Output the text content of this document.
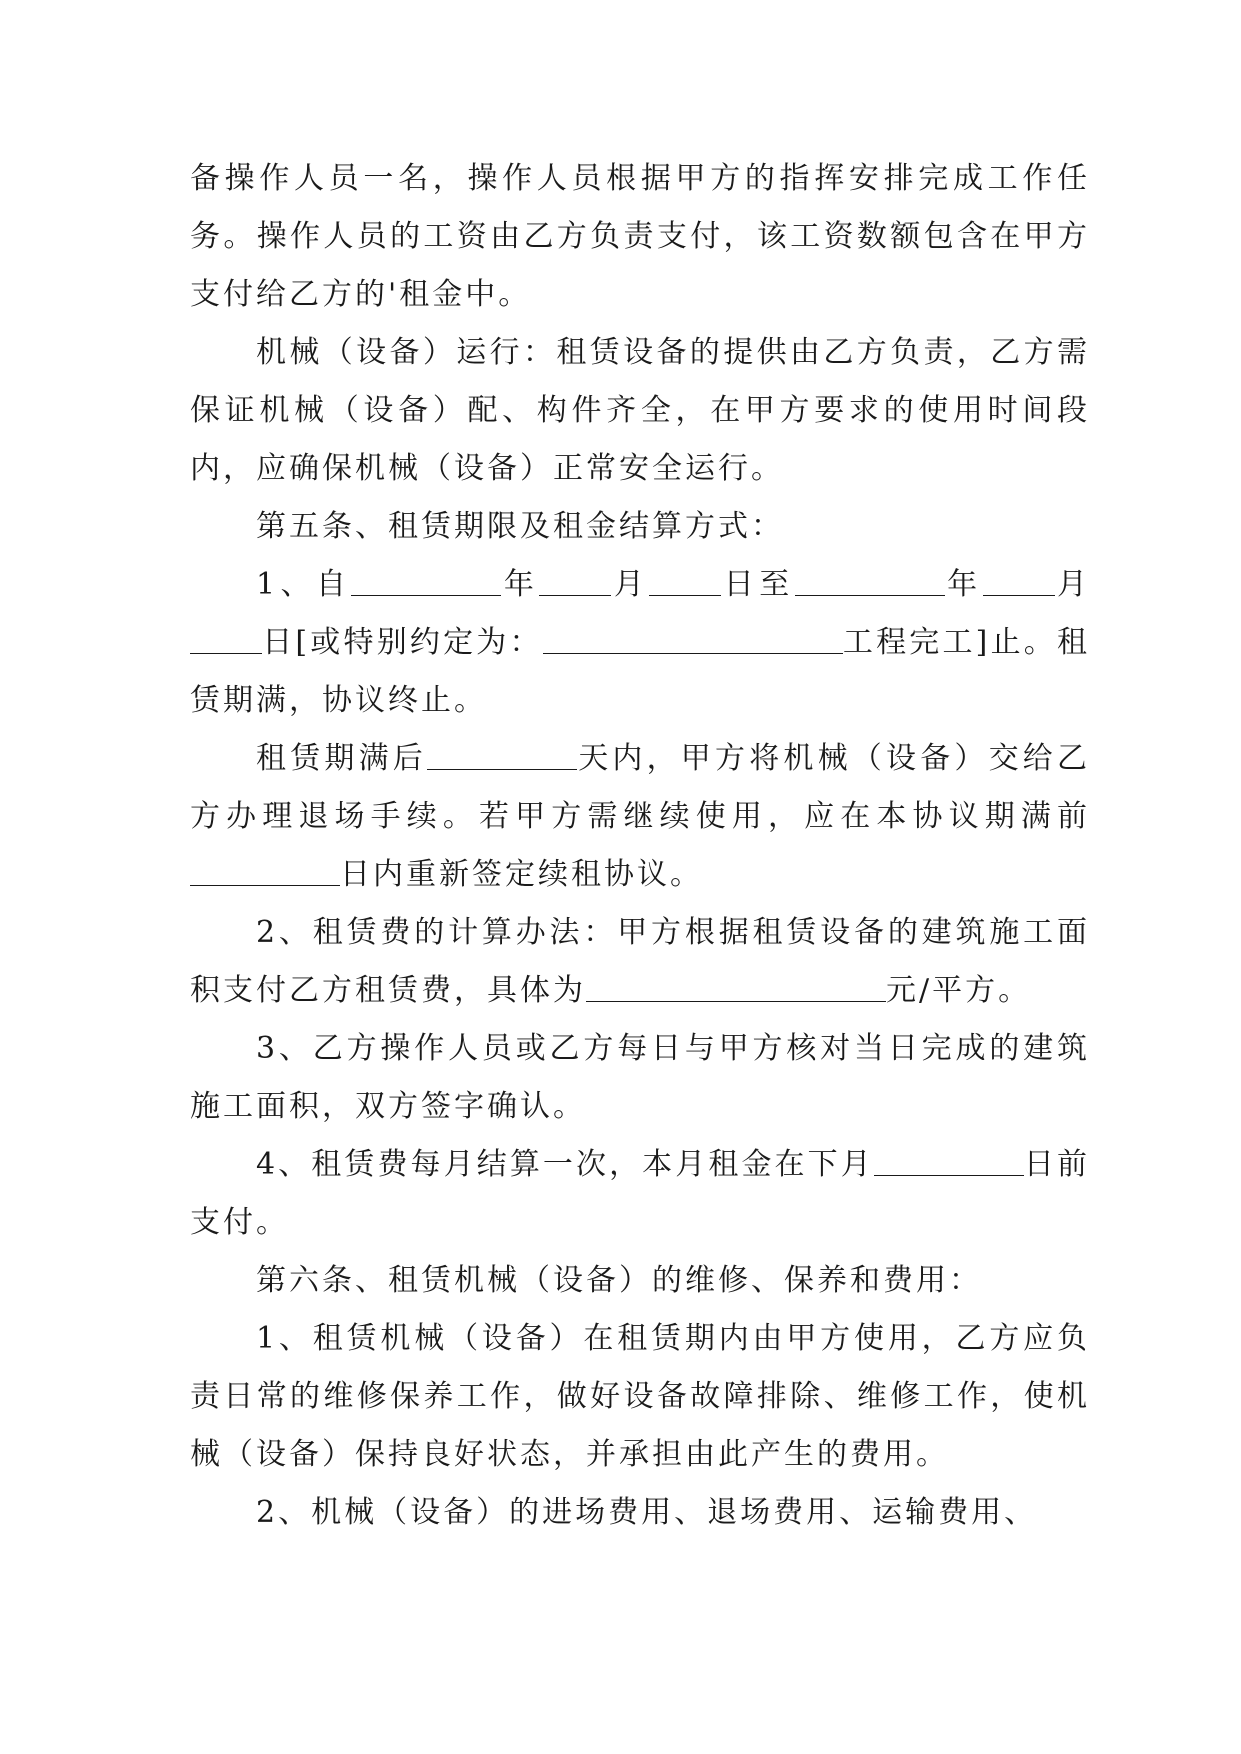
备操作人员一名，操作人员根据甲方的指挥安排完成工作任务。操作人员的工资由乙方负责支付，该工资数额包含在甲方支付给乙方的'租金中。

机械（设备）运行：租赁设备的提供由乙方负责，乙方需保证机械（设备）配、构件齐全，在甲方要求的使用时间段内，应确保机械（设备）正常安全运行。

第五条、租赁期限及租金结算方式：

1、自	年 月 日至	年 月日[或特别约定为：	工程完工]止。租赁期满，协议终止。

租赁期满后	天内，甲方将机械（设备）交给乙方办理退场手续。若甲方需继续使用，应在本协议期满前日内重新签定续租协议。

2、租赁费的计算办法：甲方根据租赁设备的建筑施工面积支付乙方租赁费，具体为	元/平方。

3、乙方操作人员或乙方每日与甲方核对当日完成的建筑施工面积，双方签字确认。

4、租赁费每月结算一次，本月租金在下月	日前支付。

第六条、租赁机械（设备）的维修、保养和费用：

1、租赁机械（设备）在租赁期内由甲方使用，乙方应负责日常的维修保养工作，做好设备故障排除、维修工作，使机械（设备）保持良好状态，并承担由此产生的费用。

2、机械（设备）的进场费用、退场费用、运输费用、
